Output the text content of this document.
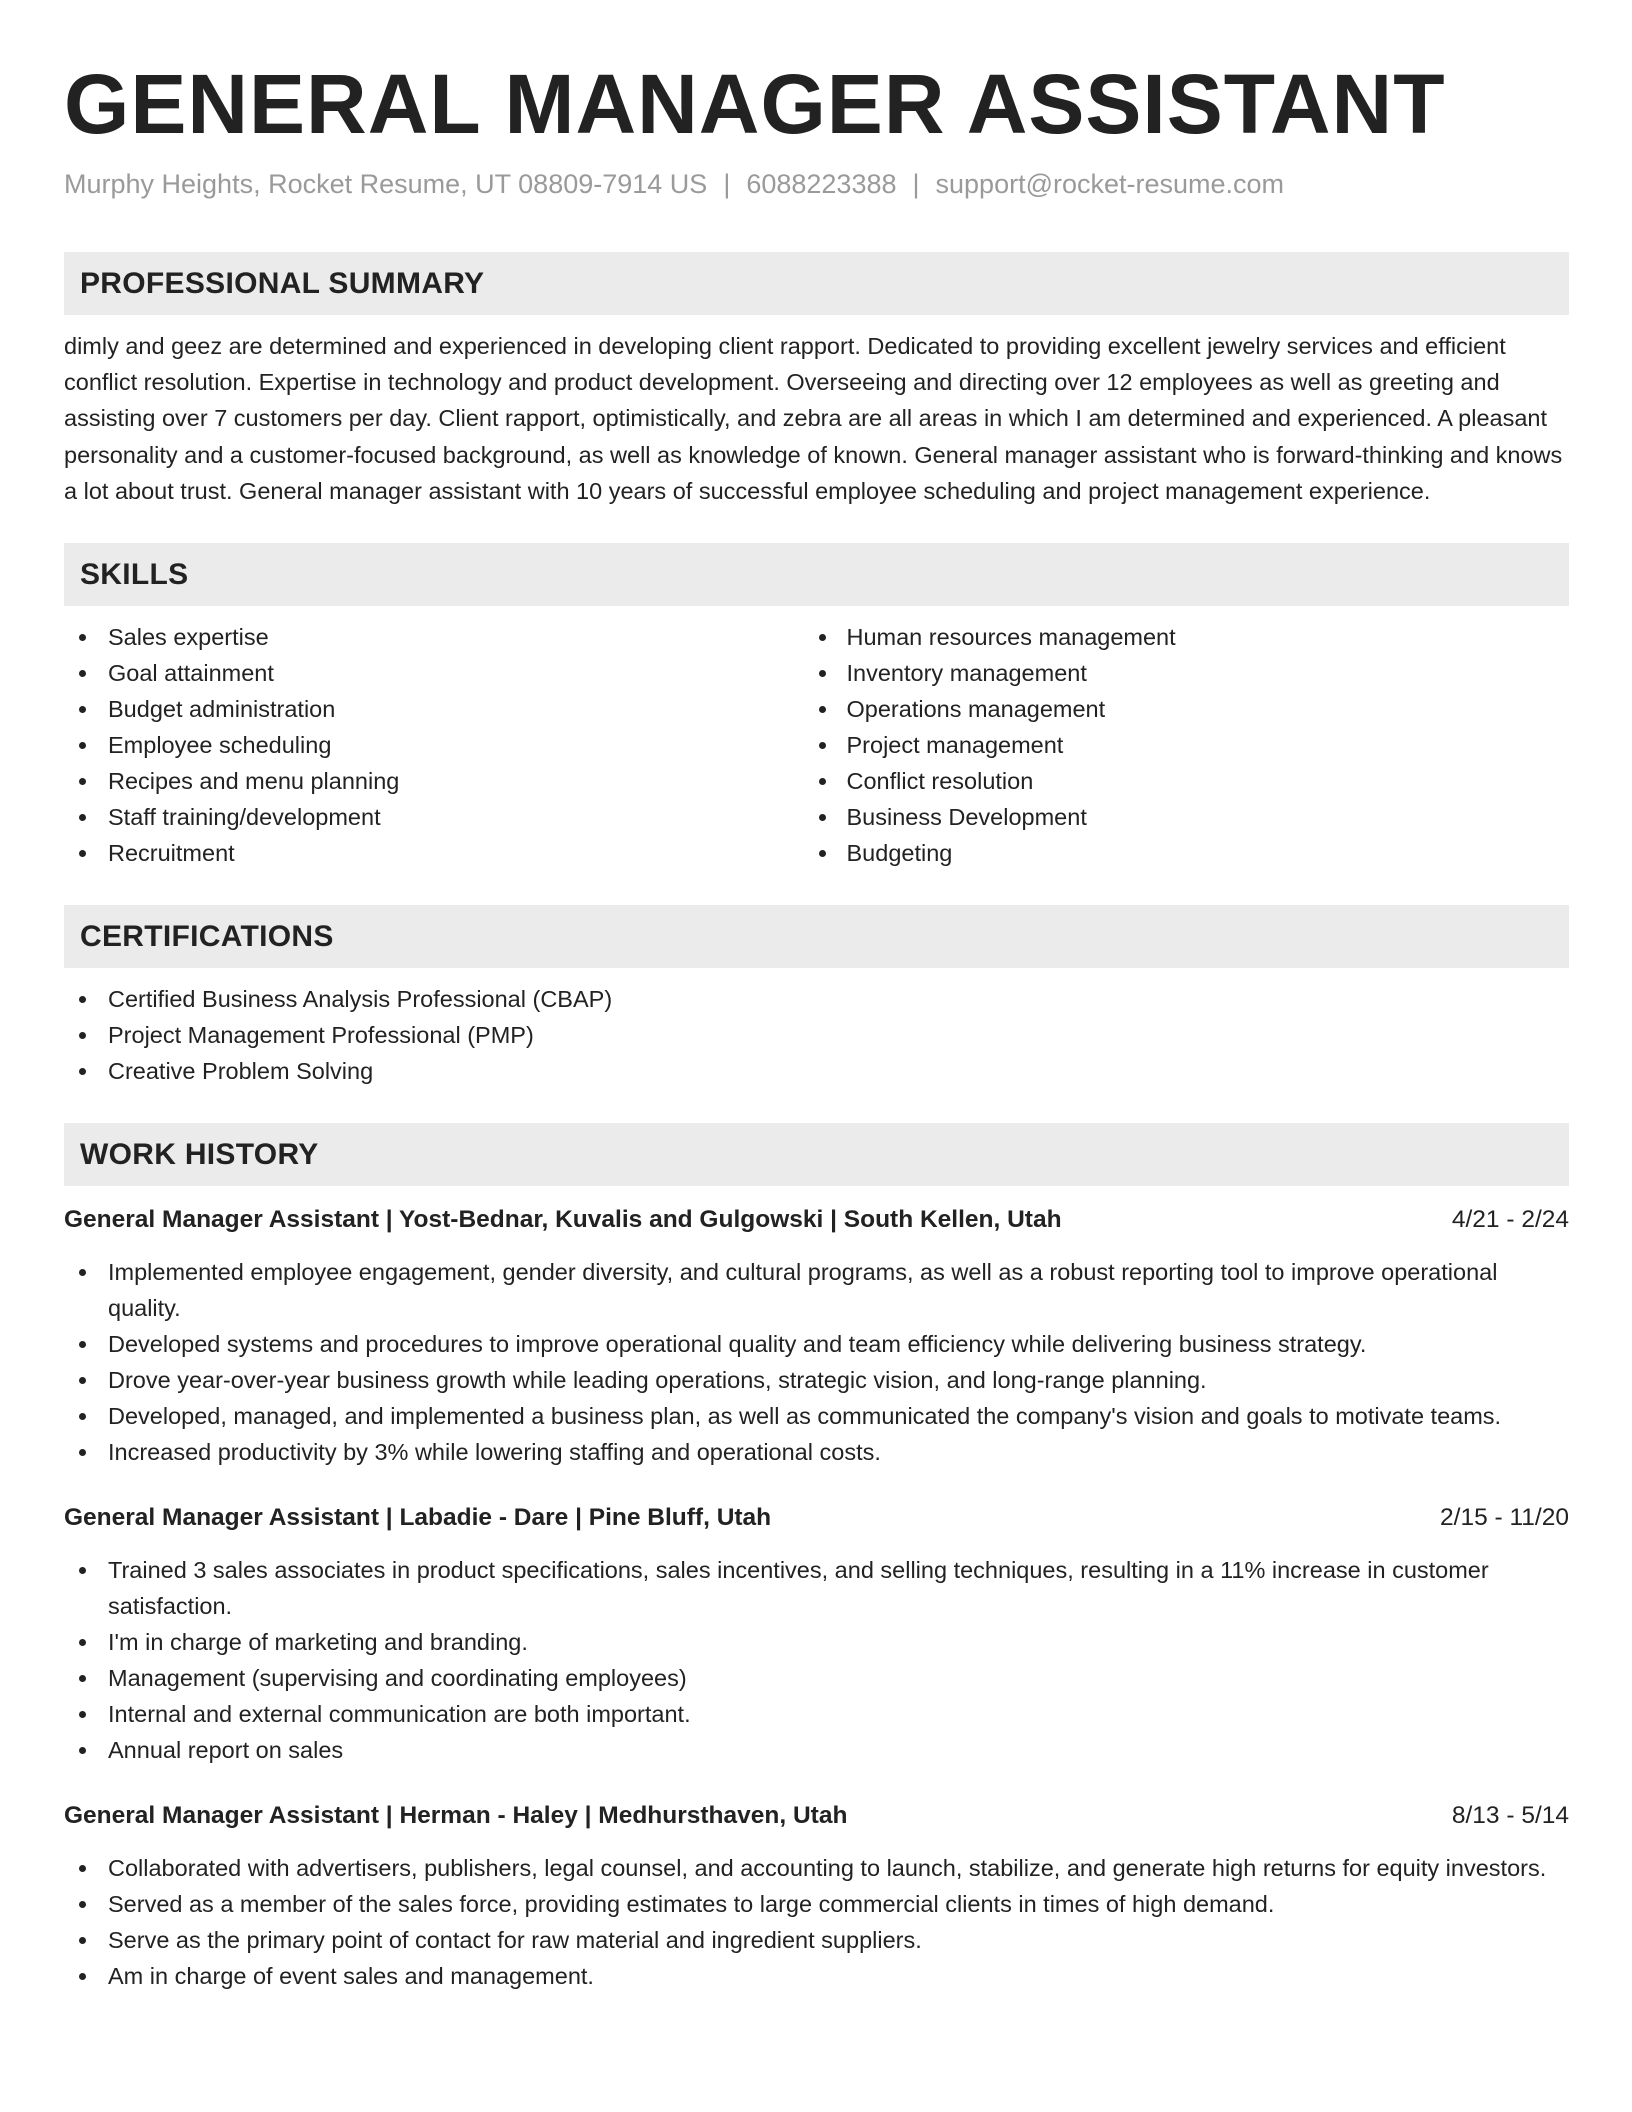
GENERAL MANAGER ASSISTANT
Murphy Heights, Rocket Resume, UT 08809-7914 US | 6088223388 | support@rocket-resume.com
PROFESSIONAL SUMMARY
dimly and geez are determined and experienced in developing client rapport. Dedicated to providing excellent jewelry services and efficient conflict resolution. Expertise in technology and product development. Overseeing and directing over 12 employees as well as greeting and assisting over 7 customers per day. Client rapport, optimistically, and zebra are all areas in which I am determined and experienced. A pleasant personality and a customer-focused background, as well as knowledge of known. General manager assistant who is forward-thinking and knows a lot about trust. General manager assistant with 10 years of successful employee scheduling and project management experience.
SKILLS
Sales expertise
Goal attainment
Budget administration
Employee scheduling
Recipes and menu planning
Staff training/development
Recruitment
Human resources management
Inventory management
Operations management
Project management
Conflict resolution
Business Development
Budgeting
CERTIFICATIONS
Certified Business Analysis Professional (CBAP)
Project Management Professional (PMP)
Creative Problem Solving
WORK HISTORY
General Manager Assistant | Yost-Bednar, Kuvalis and Gulgowski | South Kellen, Utah	4/21 - 2/24
Implemented employee engagement, gender diversity, and cultural programs, as well as a robust reporting tool to improve operational quality.
Developed systems and procedures to improve operational quality and team efficiency while delivering business strategy.
Drove year-over-year business growth while leading operations, strategic vision, and long-range planning.
Developed, managed, and implemented a business plan, as well as communicated the company's vision and goals to motivate teams.
Increased productivity by 3% while lowering staffing and operational costs.
General Manager Assistant | Labadie - Dare | Pine Bluff, Utah	2/15 - 11/20
Trained 3 sales associates in product specifications, sales incentives, and selling techniques, resulting in a 11% increase in customer satisfaction.
I'm in charge of marketing and branding.
Management (supervising and coordinating employees)
Internal and external communication are both important.
Annual report on sales
General Manager Assistant | Herman - Haley | Medhursthaven, Utah	8/13 - 5/14
Collaborated with advertisers, publishers, legal counsel, and accounting to launch, stabilize, and generate high returns for equity investors.
Served as a member of the sales force, providing estimates to large commercial clients in times of high demand.
Serve as the primary point of contact for raw material and ingredient suppliers.
Am in charge of event sales and management.
